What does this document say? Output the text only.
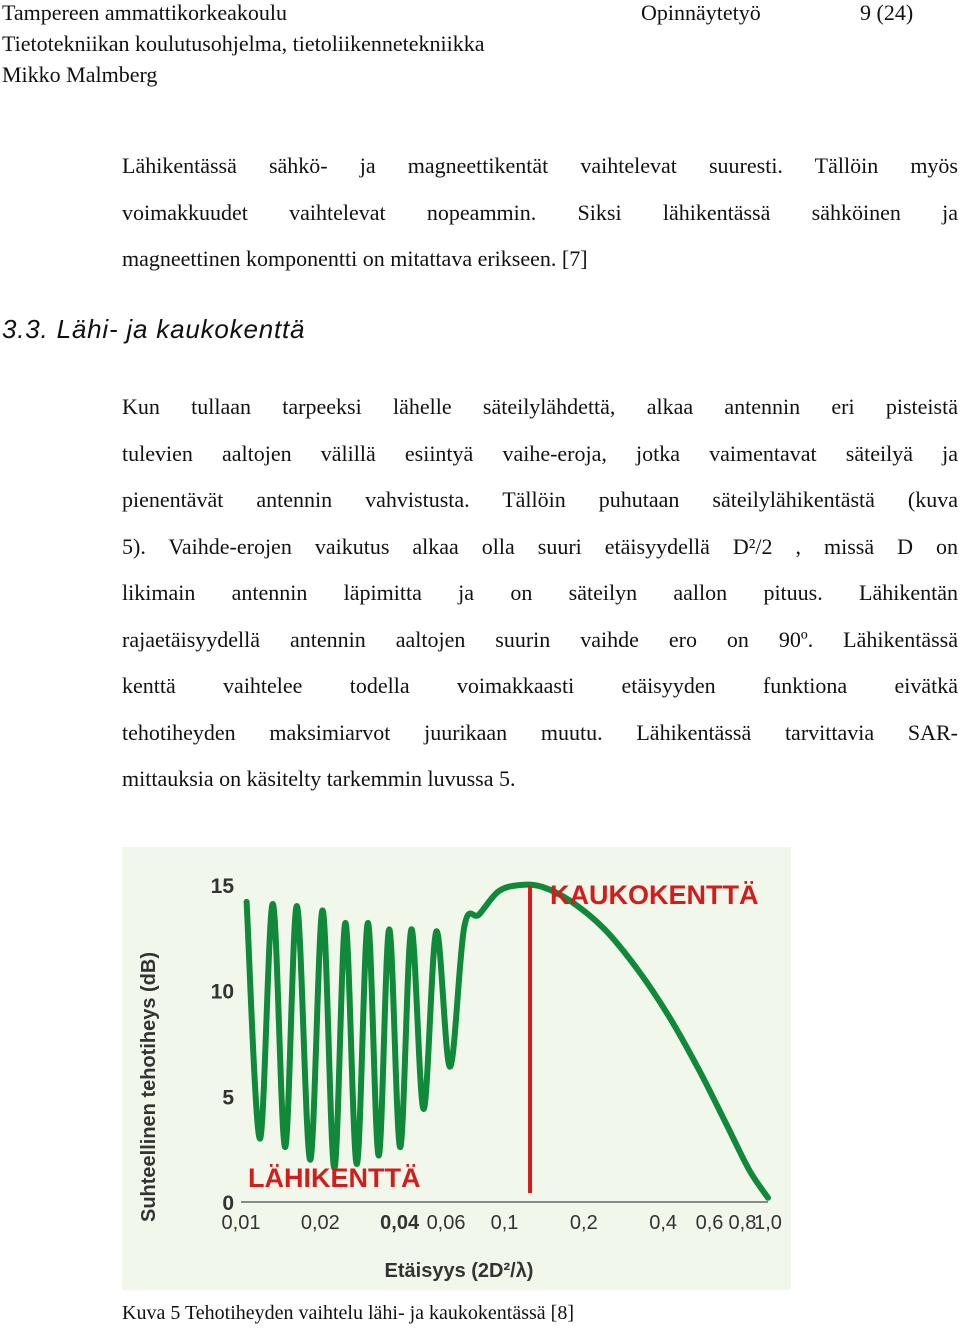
Tampereen ammattikorkeakoulu	Opinnäytetyö	9 (24)
Tietotekniikan koulutusohjelma, tietoliikennetekniikka
Mikko Malmberg
Lähikentässä sähkö- ja magneettikentät vaihtelevat suuresti. Tällöin myös
voimakkuudet vaihtelevat nopeammin. Siksi lähikentässä sähköinen ja
magneettinen komponentti on mitattava erikseen. [7]
3.3. Lähi- ja kaukokenttä
Kun tullaan tarpeeksi lähelle säteilylähdettä, alkaa antennin eri pisteistä
tulevien aaltojen välillä esiintyä vaihe-eroja, jotka vaimentavat säteilyä ja
pienentävät antennin vahvistusta. Tällöin puhutaan säteilylähikentästä (kuva
5). Vaihde-erojen vaikutus alkaa olla suuri etäisyydellä D²/2 , missä D on
likimain antennin läpimitta ja on säteilyn aallon pituus. Lähikentän
rajaetäisyydellä antennin aaltojen suurin vaihde ero on 90º. Lähikentässä
kenttä vaihtelee todella voimakkaasti etäisyyden funktiona eivätkä
tehotiheyden maksimiarvot juurikaan muutu. Lähikentässä tarvittavia SAR-
mittauksia on käsitelty tarkemmin luvussa 5.
0
5
10
15
0,01 0,02 0,04 0,06 0,1	0,2	0,4 0,6 0,8
1,0
KAUKOKENTTÄ
LÄHIKENTTÄ
Suhteellinen tehotiheys (dB)
Etäisyys (2D²/λ)
Kuva 5 Tehotiheyden vaihtelu lähi- ja kaukokentässä [8]
